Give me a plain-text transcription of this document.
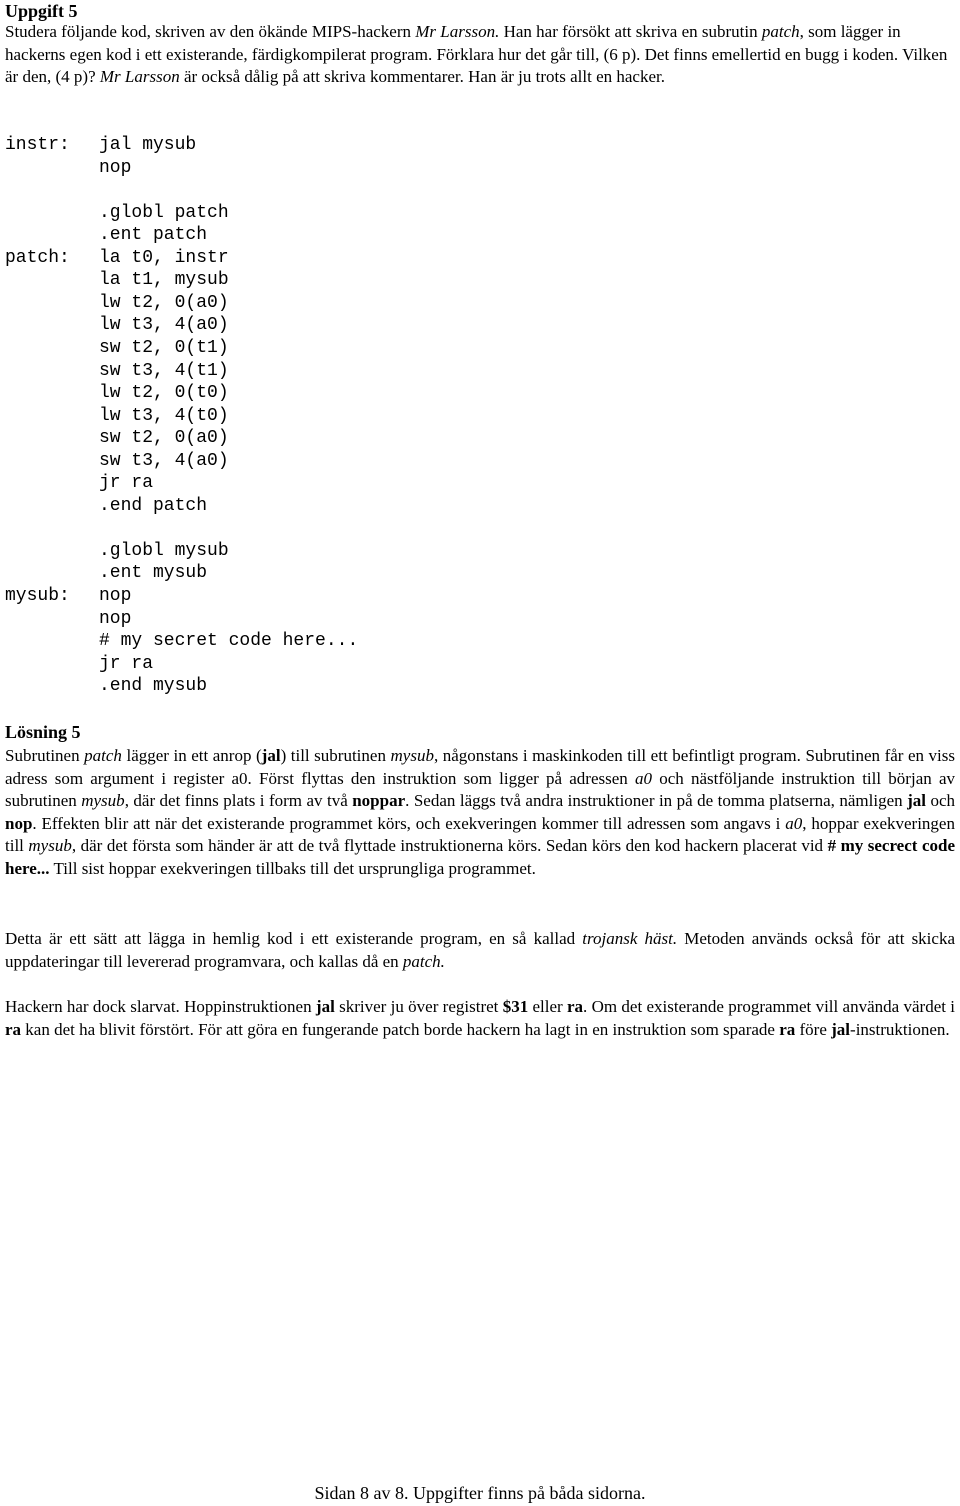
Uppgift 5

Studera följande kod, skriven av den ökände MIPS-hackern Mr Larsson. Han har försökt att skriva en subrutin patch, som lägger in hackerns egen kod i ett existerande, färdigkompilerat program. Förklara hur det går till, (6 p). Det finns emellertid en bugg i koden. Vilken är den, (4 p)? Mr Larsson är också dålig på att skriva kommentarer. Han är ju trots allt en hacker.

instr: jal mysub
nop
.globl patch
.ent patch
patch: la t0, instr
la t1, mysub
lw t2, 0(a0)
lw t3, 4(a0)
sw t2, 0(t1)
sw t3, 4(t1)
lw t2, 0(t0)
lw t3, 4(t0)
sw t2, 0(a0)
sw t3, 4(a0)
jr ra
.end patch
.globl mysub
.ent mysub
mysub: nop
nop
# my secret code here...
jr ra
.end mysub
Lösning 5

Subrutinen patch lägger in ett anrop (jal) till subrutinen mysub, någonstans i maskinkoden till ett befintligt program. Subrutinen får en viss adress som argument i register a0. Först flyttas den instruktion som ligger på adressen a0 och nästföljande instruktion till början av subrutinen mysub, där det finns plats i form av två noppar. Sedan läggs två andra instruktioner in på de tomma platserna, nämligen jal och nop. Effekten blir att när det existerande programmet körs, och exekveringen kommer till adressen som angavs i a0, hoppar exekveringen till mysub, där det första som händer är att de två flyttade instruktionerna körs. Sedan körs den kod hackern placerat vid # my secrect code here... Till sist hoppar exekveringen tillbaks till det ursprungliga programmet.

Detta är ett sätt att lägga in hemlig kod i ett existerande program, en så kallad trojansk häst. Metoden används också för att skicka uppdateringar till levererad programvara, och kallas då en patch.

Hackern har dock slarvat. Hoppinstruktionen jal skriver ju över registret $31 eller ra. Om det existerande programmet vill använda värdet i ra kan det ha blivit förstört. För att göra en fungerande patch borde hackern ha lagt in en instruktion som sparade ra före jal-instruktionen.

Sidan 8 av 8. Uppgifter finns på båda sidorna.
